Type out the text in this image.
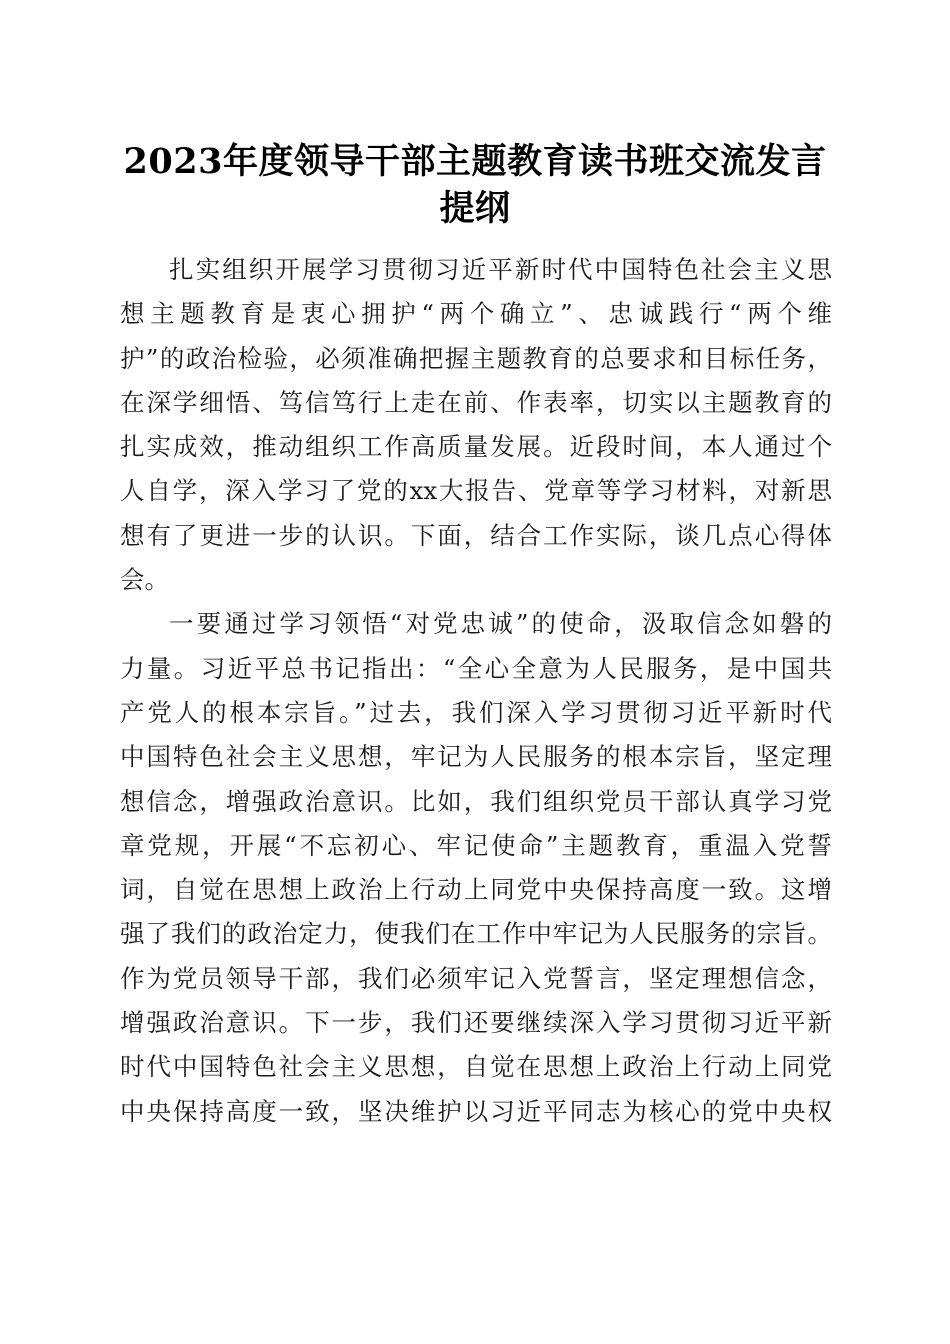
2023年度领导干部主题教育读书班交流发言
提纲
扎实组织开展学习贯彻习近平新时代中国特色社会主义思
想主题教育是衷心拥护“两个确立”、忠诚践行“两个维
护”的政治检验，必须准确把握主题教育的总要求和目标任务，
在深学细悟、笃信笃行上走在前、作表率，切实以主题教育的
扎实成效，推动组织工作高质量发展。近段时间，本人通过个
人自学，深入学习了党的xx大报告、党章等学习材料，对新思
想有了更进一步的认识。下面，结合工作实际，谈几点心得体
会。
一要通过学习领悟“对党忠诚”的使命，汲取信念如磐的
力量。习近平总书记指出：“全心全意为人民服务，是中国共
产党人的根本宗旨。”过去，我们深入学习贯彻习近平新时代
中国特色社会主义思想，牢记为人民服务的根本宗旨，坚定理
想信念，增强政治意识。比如，我们组织党员干部认真学习党
章党规，开展“不忘初心、牢记使命”主题教育，重温入党誓
词，自觉在思想上政治上行动上同党中央保持高度一致。这增
强了我们的政治定力，使我们在工作中牢记为人民服务的宗旨。
作为党员领导干部，我们必须牢记入党誓言，坚定理想信念，
增强政治意识。下一步，我们还要继续深入学习贯彻习近平新
时代中国特色社会主义思想，自觉在思想上政治上行动上同党
中央保持高度一致，坚决维护以习近平同志为核心的党中央权
